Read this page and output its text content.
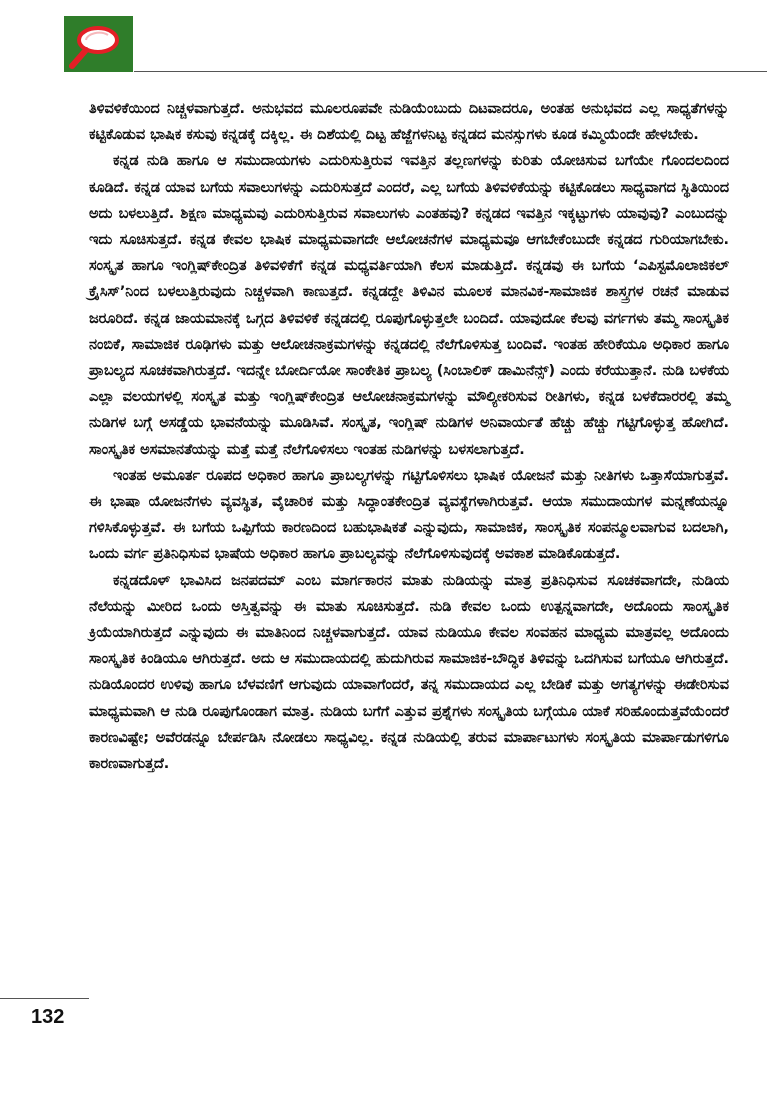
ತಿಳಿವಳಿಕೆಯಿಂದ ನಿಚ್ಚಳವಾಗುತ್ತದೆ. ಅನುಭವದ ಮೂಲರೂಪವೇ ನುಡಿಯೆಂಬುದು ದಿಟವಾದರೂ, ಅಂತಹ ಅನುಭವದ ಎಲ್ಲ ಸಾಧ್ಯತೆಗಳನ್ನು ಕಟ್ಟಿಕೊಡುವ ಭಾಷಿಕ ಕಸುವು ಕನ್ನಡಕ್ಕೆ ದಕ್ಕಿಲ್ಲ. ಈ ದಿಶೆಯಲ್ಲಿ ದಿಟ್ಟ ಹೆಜ್ಜೆಗಳನಿಟ್ಟ ಕನ್ನಡದ ಮನಸ್ಸುಗಳು ಕೂಡ ಕಮ್ಮಿಯೆಂದೇ ಹೇಳಬೇಕು.

ಕನ್ನಡ ನುಡಿ ಹಾಗೂ ಆ ಸಮುದಾಯಗಳು ಎದುರಿಸುತ್ತಿರುವ ಇವತ್ತಿನ ತಲ್ಲಣಗಳನ್ನು ಕುರಿತು ಯೋಚಿಸುವ ಬಗೆಯೇ ಗೊಂದಲದಿಂದ ಕೂಡಿದೆ. ಕನ್ನಡ ಯಾವ ಬಗೆಯ ಸವಾಲುಗಳನ್ನು ಎದುರಿಸುತ್ತದೆ ಎಂದರೆ, ಎಲ್ಲ ಬಗೆಯ ತಿಳಿವಳಿಕೆಯನ್ನು ಕಟ್ಟಿಕೊಡಲು ಸಾಧ್ಯವಾಗದ ಸ್ಥಿತಿಯಿಂದ ಅದು ಬಳಲುತ್ತಿದೆ. ಶಿಕ್ಷಣ ಮಾಧ್ಯಮವು ಎದುರಿಸುತ್ತಿರುವ ಸವಾಲುಗಳು ಎಂತಹವು? ಕನ್ನಡದ ಇವತ್ತಿನ ಇಕ್ಕಟ್ಟುಗಳು ಯಾವುವು? ಎಂಬುದನ್ನು ಇದು ಸೂಚಿಸುತ್ತದೆ. ಕನ್ನಡ ಕೇವಲ ಭಾಷಿಕ ಮಾಧ್ಯಮವಾಗದೇ ಆಲೋಚನೆಗಳ ಮಾಧ್ಯಮವೂ ಆಗಬೇಕೆಂಬುದೇ ಕನ್ನಡದ ಗುರಿಯಾಗಬೇಕು. ಸಂಸ್ಕೃತ ಹಾಗೂ ಇಂಗ್ಲಿಷ್‌ಕೇಂದ್ರಿತ ತಿಳಿವಳಿಕೆಗೆ ಕನ್ನಡ ಮಧ್ಯವರ್ತಿಯಾಗಿ ಕೆಲಸ ಮಾಡುತ್ತಿದೆ. ಕನ್ನಡವು ಈ ಬಗೆಯ ‘ಎಪಿಸ್ಟಮೊಲಾಜಿಕಲ್ ಕ್ರೈಸಿಸ್’ನಿಂದ ಬಳಲುತ್ತಿರುವುದು ನಿಚ್ಚಳವಾಗಿ ಕಾಣುತ್ತದೆ. ಕನ್ನಡದ್ದೇ ತಿಳಿವಿನ ಮೂಲಕ ಮಾನವಿಕ-ಸಾಮಾಜಿಕ ಶಾಸ್ತ್ರಗಳ ರಚನೆ ಮಾಡುವ ಜರೂರಿದೆ. ಕನ್ನಡ ಜಾಯಮಾನಕ್ಕೆ ಒಗ್ಗದ ತಿಳಿವಳಿಕೆ ಕನ್ನಡದಲ್ಲಿ ರೂಪುಗೊಳ್ಳುತ್ತಲೇ ಬಂದಿದೆ. ಯಾವುದೋ ಕೆಲವು ವರ್ಗಗಳು ತಮ್ಮ ಸಾಂಸ್ಕೃತಿಕ ನಂಬಿಕೆ, ಸಾಮಾಜಿಕ ರೂಢಿಗಳು ಮತ್ತು ಆಲೋಚನಾಕ್ರಮಗಳನ್ನು ಕನ್ನಡದಲ್ಲಿ ನೆಲೆಗೊಳಿಸುತ್ತ ಬಂದಿವೆ. ಇಂತಹ ಹೇರಿಕೆಯೂ ಅಧಿಕಾರ ಹಾಗೂ ಪ್ರಾಬಲ್ಯದ ಸೂಚಕವಾಗಿರುತ್ತದೆ. ಇದನ್ನೇ ಬೋರ್ದಿಯೋ ಸಾಂಕೇತಿಕ ಪ್ರಾಬಲ್ಯ (ಸಿಂಬಾಲಿಕ್ ಡಾಮಿನೆನ್ಸ್) ಎಂದು ಕರೆಯುತ್ತಾನೆ. ನುಡಿ ಬಳಕೆಯ ಎಲ್ಲಾ ವಲಯಗಳಲ್ಲಿ ಸಂಸ್ಕೃತ ಮತ್ತು ಇಂಗ್ಲಿಷ್‌ಕೇಂದ್ರಿತ ಆಲೋಚನಾಕ್ರಮಗಳನ್ನು ಮೌಲ್ಯೀಕರಿಸುವ ರೀತಿಗಳು, ಕನ್ನಡ ಬಳಕೆದಾರರಲ್ಲಿ ತಮ್ಮ ನುಡಿಗಳ ಬಗ್ಗೆ ಅಸಡ್ಡೆಯ ಭಾವನೆಯನ್ನು ಮೂಡಿಸಿವೆ. ಸಂಸ್ಕೃತ, ಇಂಗ್ಲಿಷ್ ನುಡಿಗಳ ಅನಿವಾರ್ಯತೆ ಹೆಚ್ಚು ಹೆಚ್ಚು ಗಟ್ಟಿಗೊಳ್ಳುತ್ತ ಹೋಗಿದೆ. ಸಾಂಸ್ಕೃತಿಕ ಅಸಮಾನತೆಯನ್ನು ಮತ್ತೆ ಮತ್ತೆ ನೆಲೆಗೊಳಿಸಲು ಇಂತಹ ನುಡಿಗಳನ್ನು ಬಳಸಲಾಗುತ್ತದೆ.

ಇಂತಹ ಅಮೂರ್ತ ರೂಪದ ಅಧಿಕಾರ ಹಾಗೂ ಪ್ರಾಬಲ್ಯಗಳನ್ನು ಗಟ್ಟಿಗೊಳಿಸಲು ಭಾಷಿಕ ಯೋಜನೆ ಮತ್ತು ನೀತಿಗಳು ಒತ್ತಾಸೆಯಾಗುತ್ತವೆ. ಈ ಭಾಷಾ ಯೋಜನೆಗಳು ವ್ಯವಸ್ಥಿತ, ವೈಚಾರಿಕ ಮತ್ತು ಸಿದ್ಧಾಂತಕೇಂದ್ರಿತ ವ್ಯವಸ್ಥೆಗಳಾಗಿರುತ್ತವೆ. ಆಯಾ ಸಮುದಾಯಗಳ ಮನ್ನಣೆಯನ್ನೂ ಗಳಿಸಿಕೊಳ್ಳುತ್ತವೆ. ಈ ಬಗೆಯ ಒಪ್ಪಿಗೆಯ ಕಾರಣದಿಂದ ಬಹುಭಾಷಿಕತೆ ಎನ್ನುವುದು, ಸಾಮಾಜಿಕ, ಸಾಂಸ್ಕೃತಿಕ ಸಂಪನ್ಮೂಲವಾಗುವ ಬದಲಾಗಿ, ಒಂದು ವರ್ಗ ಪ್ರತಿನಿಧಿಸುವ ಭಾಷೆಯ ಅಧಿಕಾರ ಹಾಗೂ ಪ್ರಾಬಲ್ಯವನ್ನು ನೆಲೆಗೊಳಿಸುವುದಕ್ಕೆ ಅವಕಾಶ ಮಾಡಿಕೊಡುತ್ತದೆ.

ಕನ್ನಡದೊಳ್ ಭಾವಿಸಿದ ಜನಪದಮ್ ಎಂಬ ಮಾರ್ಗಕಾರನ ಮಾತು ನುಡಿಯನ್ನು ಮಾತ್ರ ಪ್ರತಿನಿಧಿಸುವ ಸೂಚಕವಾಗದೇ, ನುಡಿಯ ನೆಲೆಯನ್ನು ಮೀರಿದ ಒಂದು ಅಸ್ತಿತ್ವವನ್ನು ಈ ಮಾತು ಸೂಚಿಸುತ್ತದೆ. ನುಡಿ ಕೇವಲ ಒಂದು ಉತ್ಪನ್ನವಾಗದೇ, ಅದೊಂದು ಸಾಂಸ್ಕೃತಿಕ ಕ್ರಿಯೆಯಾಗಿರುತ್ತದೆ ಎನ್ನುವುದು ಈ ಮಾತಿನಿಂದ ನಿಚ್ಚಳವಾಗುತ್ತದೆ. ಯಾವ ನುಡಿಯೂ ಕೇವಲ ಸಂವಹನ ಮಾಧ್ಯಮ ಮಾತ್ರವಲ್ಲ ಅದೊಂದು ಸಾಂಸ್ಕೃತಿಕ ಕಿಂಡಿಯೂ ಆಗಿರುತ್ತದೆ. ಅದು ಆ ಸಮುದಾಯದಲ್ಲಿ ಹುದುಗಿರುವ ಸಾಮಾಜಿಕ-ಬೌದ್ಧಿಕ ತಿಳಿವನ್ನು ಒದಗಿಸುವ ಬಗೆಯೂ ಆಗಿರುತ್ತದೆ. ನುಡಿಯೊಂದರ ಉಳಿವು ಹಾಗೂ ಬೆಳವಣಿಗೆ ಆಗುವುದು ಯಾವಾಗೆಂದರೆ, ತನ್ನ ಸಮುದಾಯದ ಎಲ್ಲ ಬೇಡಿಕೆ ಮತ್ತು ಅಗತ್ಯಗಳನ್ನು ಈಡೇರಿಸುವ ಮಾಧ್ಯಮವಾಗಿ ಆ ನುಡಿ ರೂಪುಗೊಂಡಾಗ ಮಾತ್ರ. ನುಡಿಯ ಬಗೆಗೆ ಎತ್ತುವ ಪ್ರಶ್ನೆಗಳು ಸಂಸ್ಕೃತಿಯ ಬಗ್ಗೆಯೂ ಯಾಕೆ ಸರಿಹೊಂದುತ್ತವೆಯೆಂದರೆ ಕಾರಣವಿಷ್ಟೇ; ಅವೆರಡನ್ನೂ ಬೇರ್ಪಡಿಸಿ ನೋಡಲು ಸಾಧ್ಯವಿಲ್ಲ. ಕನ್ನಡ ನುಡಿಯಲ್ಲಿ ತರುವ ಮಾರ್ಪಾಟುಗಳು ಸಂಸ್ಕೃತಿಯ ಮಾರ್ಪಾಡುಗಳಿಗೂ ಕಾರಣವಾಗುತ್ತದೆ.

132
